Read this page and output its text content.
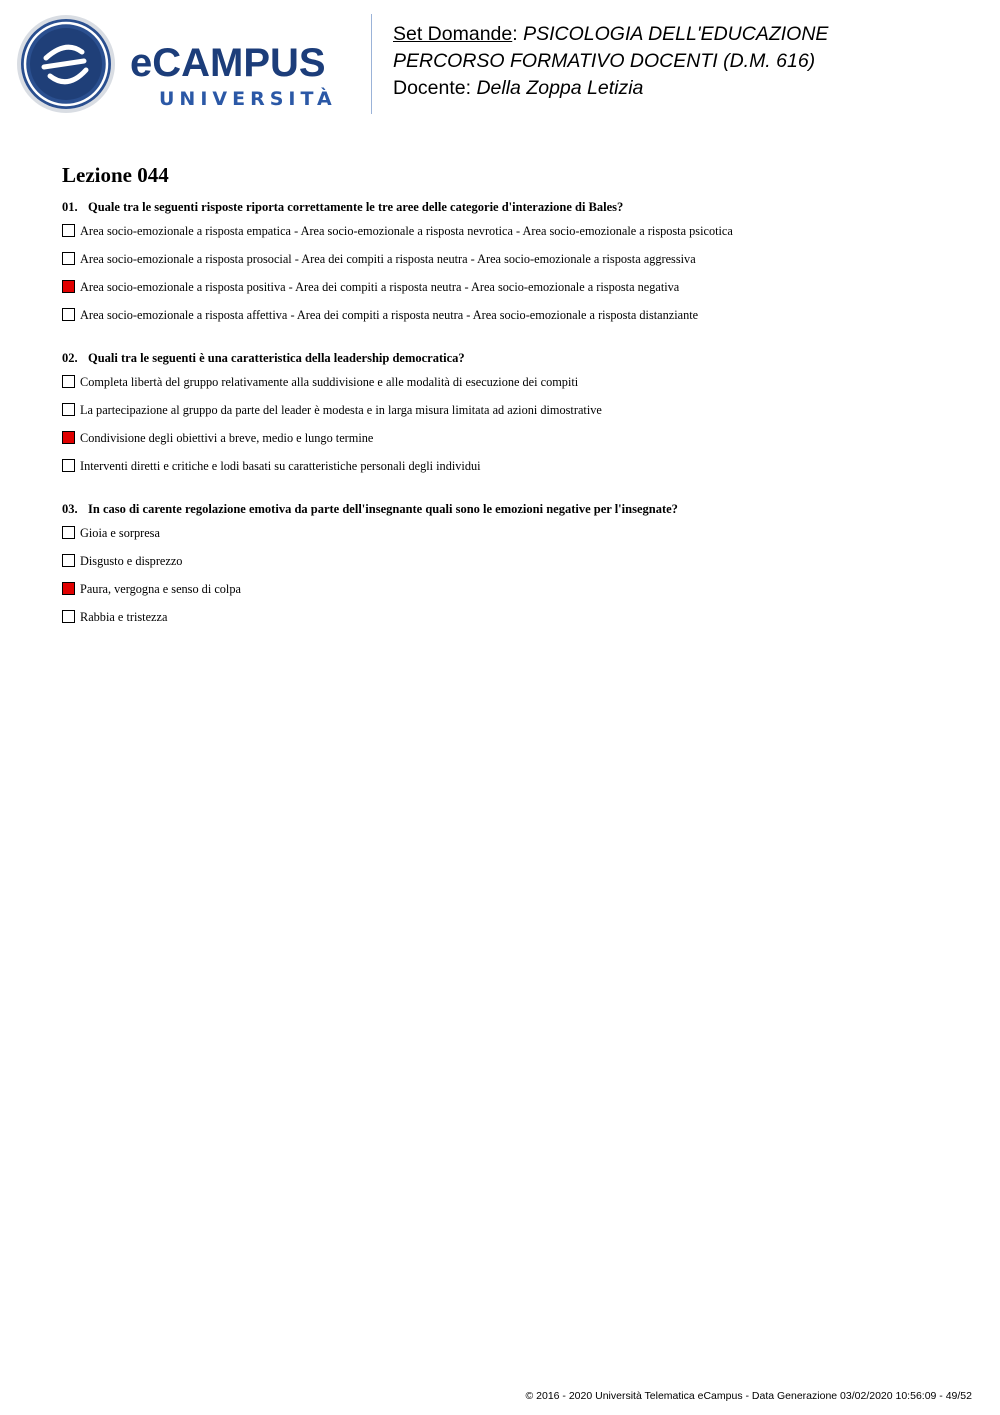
eCAMPUS
UNIVERSITÀ
Set Domande: PSICOLOGIA DELL'EDUCAZIONE
PERCORSO FORMATIVO DOCENTI (D.M. 616)
Docente: Della Zoppa Letizia
Lezione 044
01. Quale tra le seguenti risposte riporta correttamente le tre aree delle categorie d'interazione di Bales?
Area socio-emozionale a risposta empatica - Area socio-emozionale a risposta nevrotica - Area socio-emozionale a risposta psicotica
Area socio-emozionale a risposta prosocial - Area dei compiti a risposta neutra - Area socio-emozionale a risposta aggressiva
Area socio-emozionale a risposta positiva - Area dei compiti a risposta neutra - Area socio-emozionale a risposta negativa
Area socio-emozionale a risposta affettiva - Area dei compiti a risposta neutra - Area socio-emozionale a risposta distanziante
02. Quali tra le seguenti è una caratteristica della leadership democratica?
Completa libertà del gruppo relativamente alla suddivisione e alle modalità di esecuzione dei compiti
La partecipazione al gruppo da parte del leader è modesta e in larga misura limitata ad azioni dimostrative
Condivisione degli obiettivi a breve, medio e lungo termine
Interventi diretti e critiche e lodi basati su caratteristiche personali degli individui
03. In caso di carente regolazione emotiva da parte dell'insegnante quali sono le emozioni negative per l'insegnate?
Gioia e sorpresa
Disgusto e disprezzo
Paura, vergogna e senso di colpa
Rabbia e tristezza
© 2016 - 2020 Università Telematica eCampus - Data Generazione 03/02/2020 10:56:09 - 49/52
